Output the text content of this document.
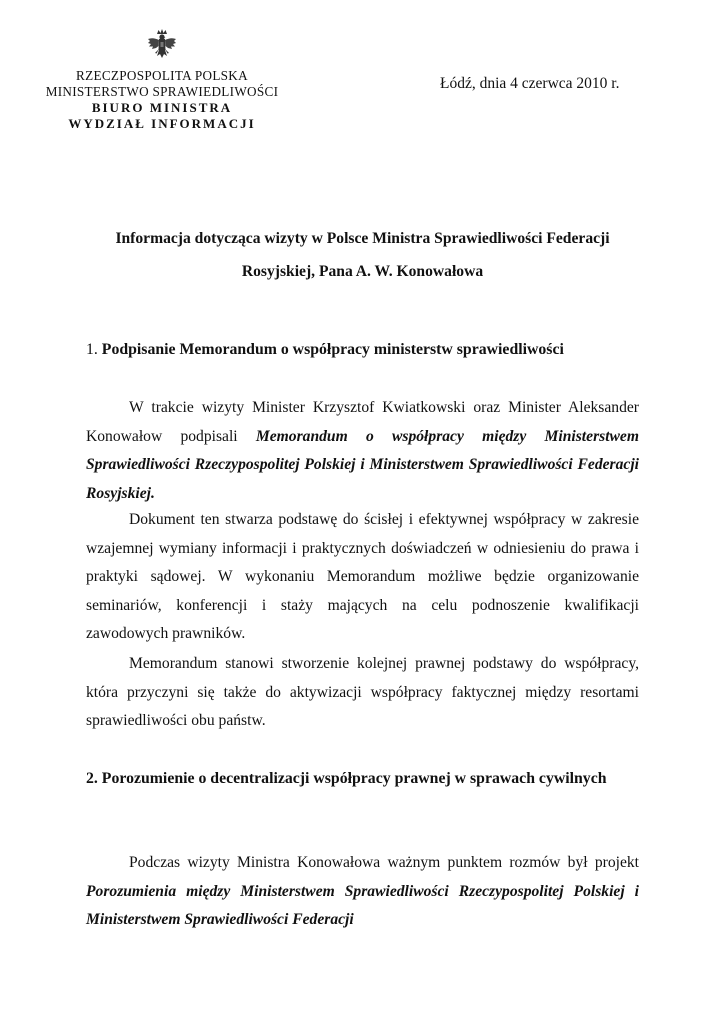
RZECZPOSPOLITA POLSKA
MINISTERSTWO SPRAWIEDLIWOŚCI
BIURO MINISTRA
WYDZIAŁ INFORMACJI
Łódź, dnia 4 czerwca 2010 r.
Informacja dotycząca wizyty w Polsce Ministra Sprawiedliwości Federacji
Rosyjskiej, Pana A. W. Konowałowa
1. Podpisanie Memorandum o współpracy ministerstw sprawiedliwości
W trakcie wizyty Minister Krzysztof Kwiatkowski oraz Minister Aleksander Konowałow podpisali Memorandum o współpracy między Ministerstwem Sprawiedliwości Rzeczypospolitej Polskiej i Ministerstwem Sprawiedliwości Federacji Rosyjskiej.
Dokument ten stwarza podstawę do ścisłej i efektywnej współpracy w zakresie wzajemnej wymiany informacji i praktycznych doświadczeń w odniesieniu do prawa i praktyki sądowej. W wykonaniu Memorandum możliwe będzie organizowanie seminariów, konferencji i staży mających na celu podnoszenie kwalifikacji zawodowych prawników.
Memorandum stanowi stworzenie kolejnej prawnej podstawy do współpracy, która przyczyni się także do aktywizacji współpracy faktycznej między resortami sprawiedliwości obu państw.
2. Porozumienie o decentralizacji współpracy prawnej w sprawach cywilnych
Podczas wizyty Ministra Konowałowa ważnym punktem rozmów był projekt Porozumienia między Ministerstwem Sprawiedliwości Rzeczypospolitej Polskiej i Ministerstwem Sprawiedliwości Federacji
